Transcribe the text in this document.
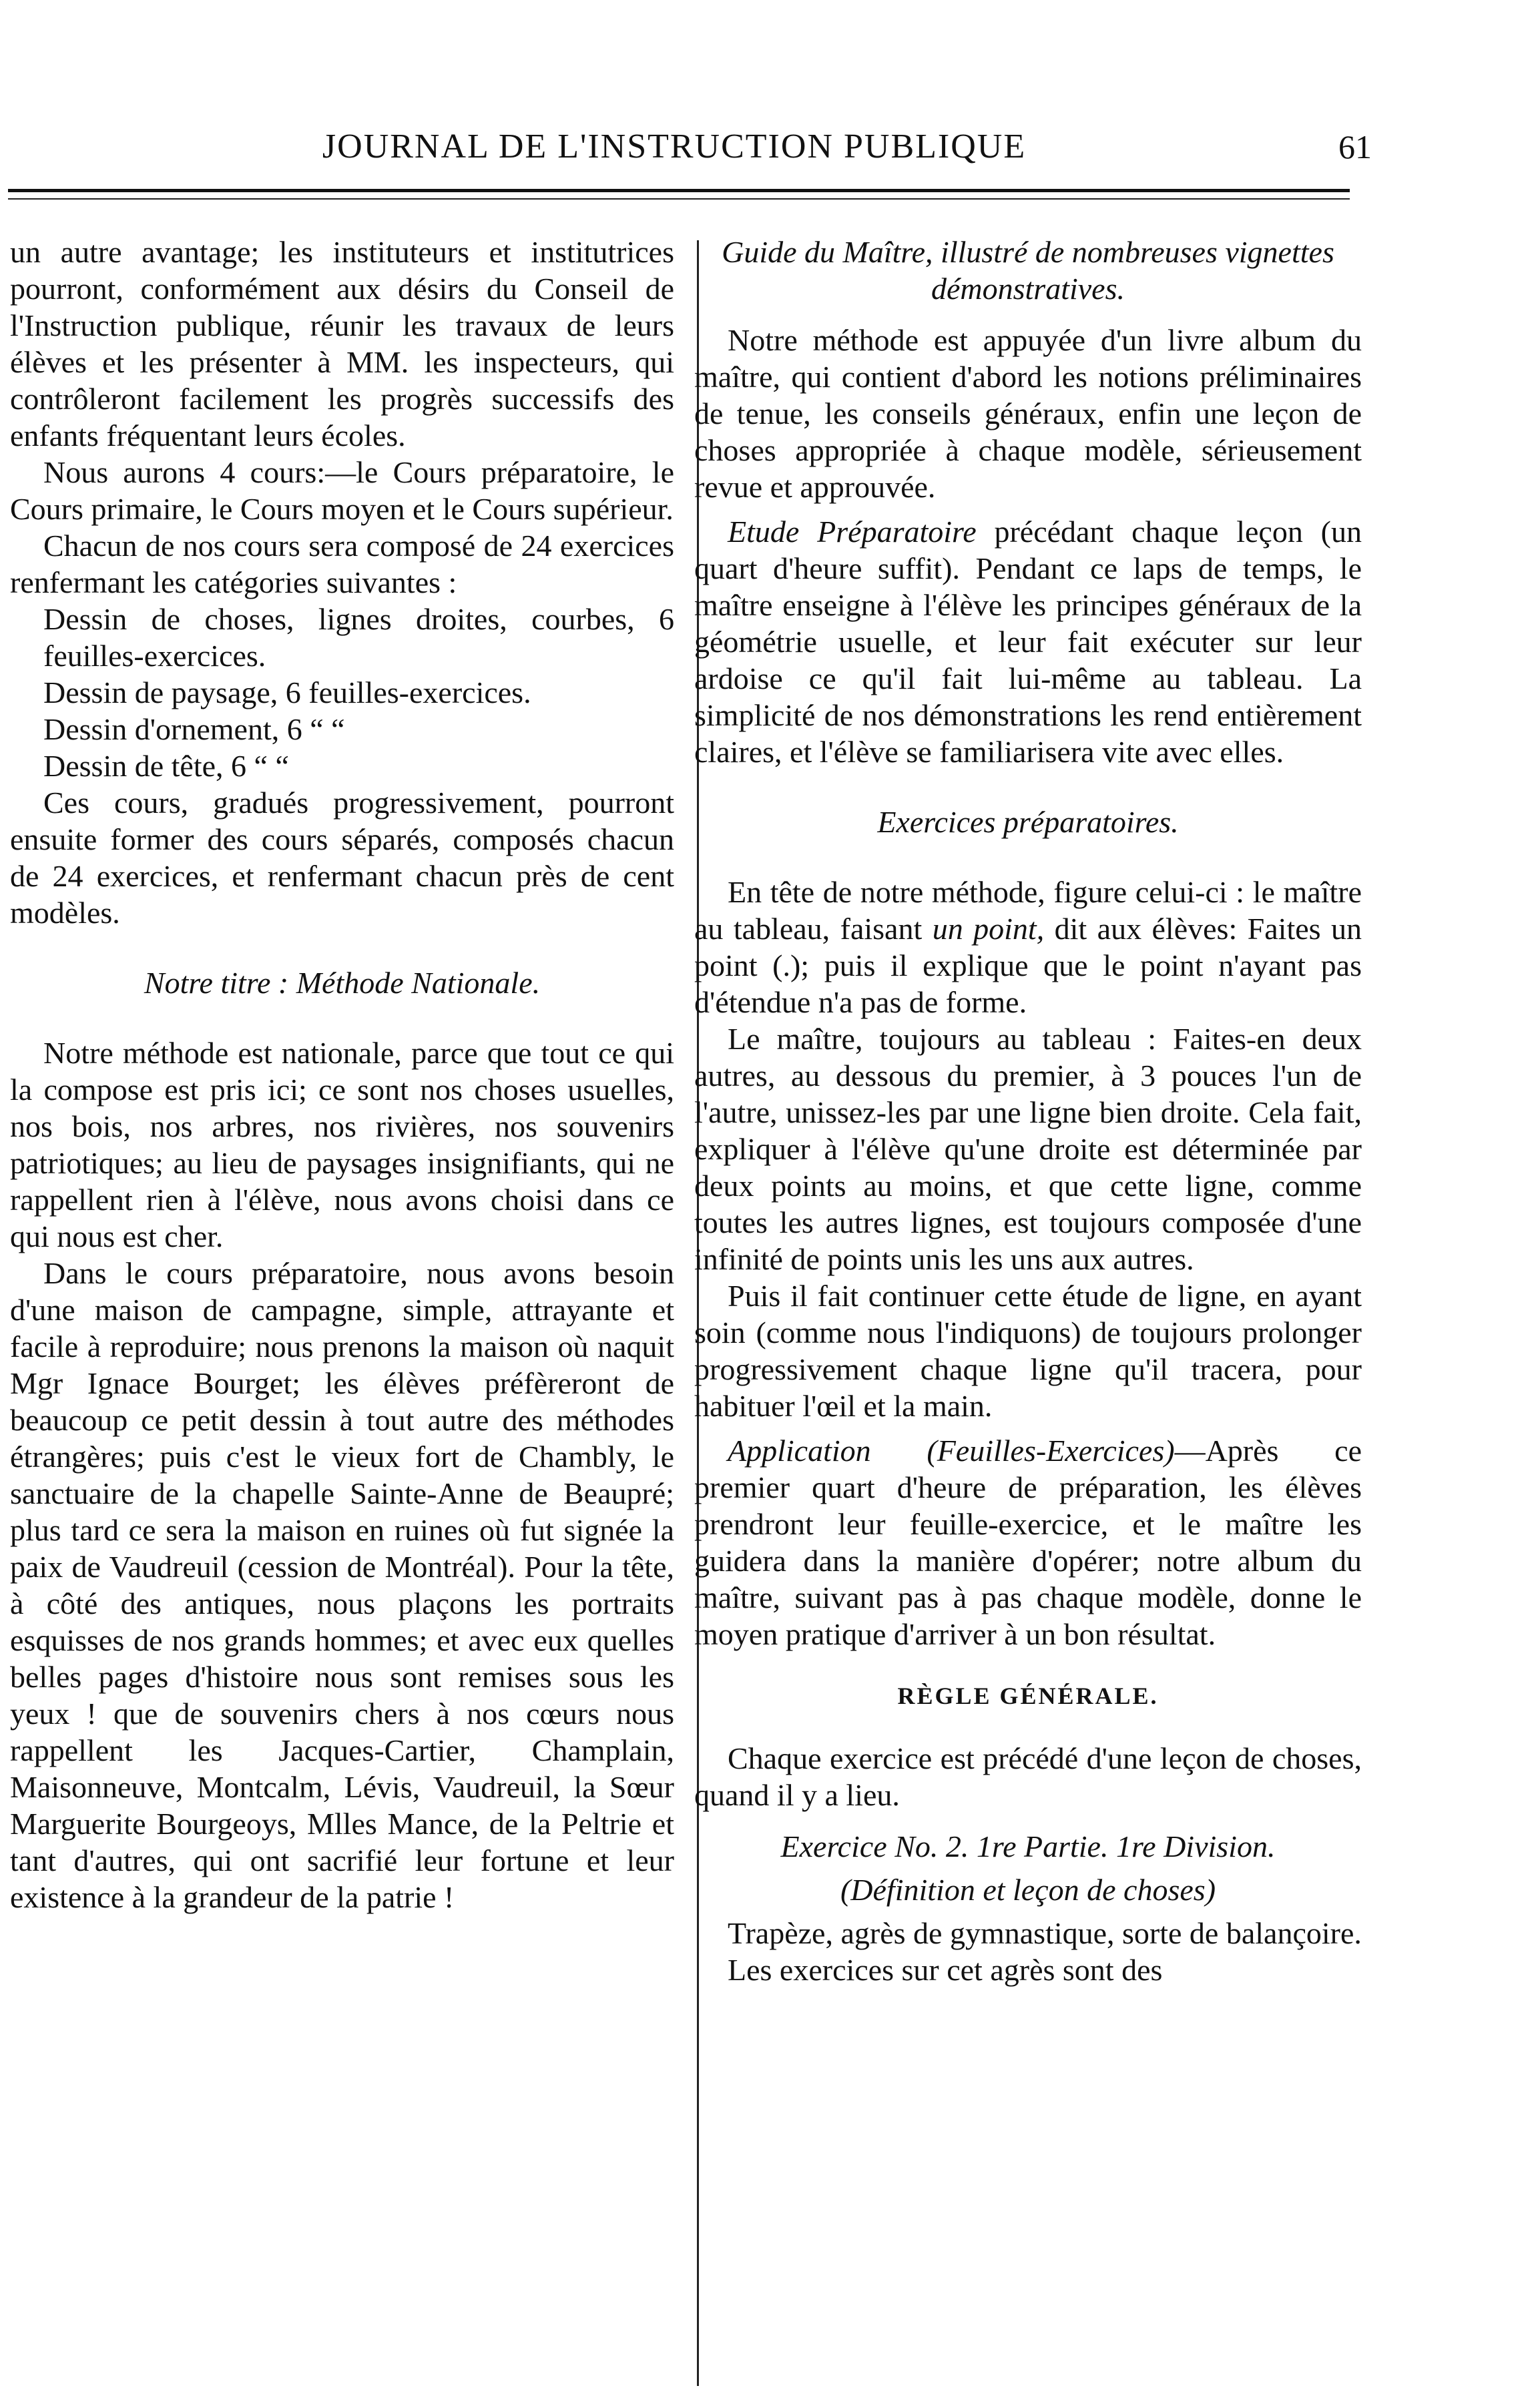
JOURNAL DE L'INSTRUCTION PUBLIQUE	61

un autre avantage; les instituteurs et institutrices pourront, conformément aux désirs du Conseil de l'Instruction publique, réunir les travaux de leurs élèves et les présenter à MM. les inspecteurs, qui contrôleront facilement les progrès successifs des enfants fréquentant leurs écoles.

Nous aurons 4 cours:—le Cours préparatoire, le Cours primaire, le Cours moyen et le Cours supérieur.

Chacun de nos cours sera composé de 24 exercices renfermant les catégories suivantes :

Dessin de choses, lignes droites, courbes, 6 feuilles-exercices.

Dessin de paysage, 6 feuilles-exercices.

Dessin d'ornement, 6 “ “

Dessin de tête, 6 “ “

Ces cours, gradués progressivement, pourront ensuite former des cours séparés, composés chacun de 24 exercices, et renfermant chacun près de cent modèles.

Notre titre : Méthode Nationale.

Notre méthode est nationale, parce que tout ce qui la compose est pris ici; ce sont nos choses usuelles, nos bois, nos arbres, nos rivières, nos souvenirs patriotiques; au lieu de paysages insignifiants, qui ne rappellent rien à l'élève, nous avons choisi dans ce qui nous est cher.

Dans le cours préparatoire, nous avons besoin d'une maison de campagne, simple, attrayante et facile à reproduire; nous prenons la maison où naquit Mgr Ignace Bourget; les élèves préfèreront de beaucoup ce petit dessin à tout autre des méthodes étrangères; puis c'est le vieux fort de Chambly, le sanctuaire de la chapelle Sainte-Anne de Beaupré; plus tard ce sera la maison en ruines où fut signée la paix de Vaudreuil (cession de Montréal). Pour la tête, à côté des antiques, nous plaçons les portraits esquisses de nos grands hommes; et avec eux quelles belles pages d'histoire nous sont remises sous les yeux ! que de souvenirs chers à nos cœurs nous rappellent les Jacques-Cartier, Champlain, Maisonneuve, Montcalm, Lévis, Vaudreuil, la Sœur Marguerite Bourgeoys, Mlles Mance, de la Peltrie et tant d'autres, qui ont sacrifié leur fortune et leur existence à la grandeur de la patrie !

Guide du Maître, illustré de nombreuses vignettes démonstratives.

Notre méthode est appuyée d'un livre album du maître, qui contient d'abord les notions préliminaires de tenue, les conseils généraux, enfin une leçon de choses appropriée à chaque modèle, sérieusement revue et approuvée.

Etude Préparatoire précédant chaque leçon (un quart d'heure suffit). Pendant ce laps de temps, le maître enseigne à l'élève les principes généraux de la géométrie usuelle, et leur fait exécuter sur leur ardoise ce qu'il fait lui-même au tableau. La simplicité de nos démonstrations les rend entièrement claires, et l'élève se familiarisera vite avec elles.

Exercices préparatoires.

En tête de notre méthode, figure celui-ci : le maître au tableau, faisant un point, dit aux élèves: Faites un point (.); puis il explique que le point n'ayant pas d'étendue n'a pas de forme.

Le maître, toujours au tableau : Faites-en deux autres, au dessous du premier, à 3 pouces l'un de l'autre, unissez-les par une ligne bien droite. Cela fait, expliquer à l'élève qu'une droite est déterminée par deux points au moins, et que cette ligne, comme toutes les autres lignes, est toujours composée d'une infinité de points unis les uns aux autres.

Puis il fait continuer cette étude de ligne, en ayant soin (comme nous l'indiquons) de toujours prolonger progressivement chaque ligne qu'il tracera, pour habituer l'œil et la main.

Application (Feuilles-Exercices)—Après ce premier quart d'heure de préparation, les élèves prendront leur feuille-exercice, et le maître les guidera dans la manière d'opérer; notre album du maître, suivant pas à pas chaque modèle, donne le moyen pratique d'arriver à un bon résultat.

RÈGLE GÉNÉRALE.

Chaque exercice est précédé d'une leçon de choses, quand il y a lieu.

Exercice No. 2. 1re Partie. 1re Division.

(Définition et leçon de choses)

Trapèze, agrès de gymnastique, sorte de balançoire.

Les exercices sur cet agrès sont des
